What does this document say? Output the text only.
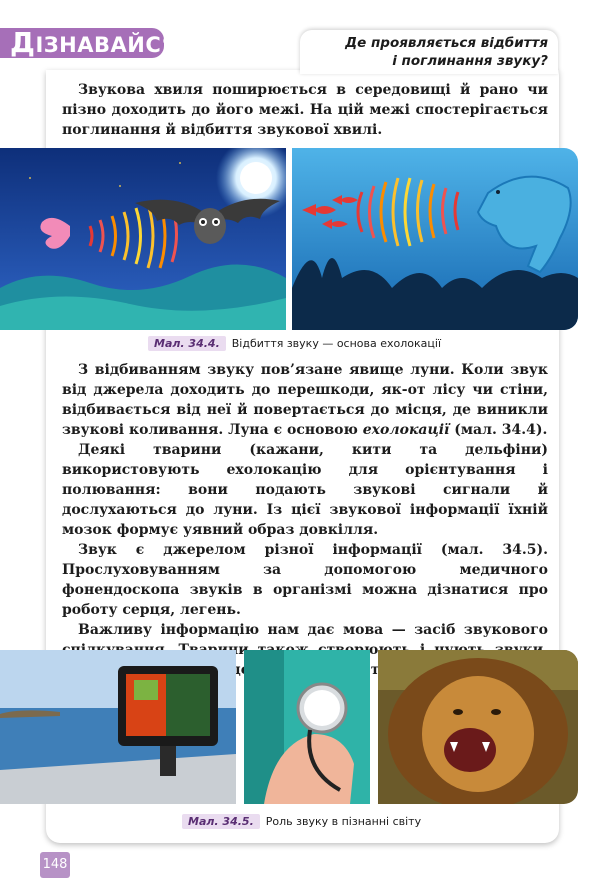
ДІЗНАВАЙСЯ	Де проявляється відбиття
і поглинання звуку?
Звукова хвиля поширюється в середовищі й рано чи пізно доходить до його межі. На цій межі спостерігається поглинання й відбиття звукової хвилі.
Мал. 34.4. Відбиття звуку — основа ехолокації
З відбиванням звуку пов’язане явище луни. Коли звук від джерела доходить до перешкоди, як-от лісу чи стіни, відбивається від неї й повертається до місця, де виникли звукові коливання. Луна є основою ехолокації (мал. 34.4).
Деякі тварини (кажани, кити та дельфіни) використовують ехолокацію для орієнтування і полювання: вони подають звукові сигнали й дослухаються до луни. Із цієї звукової інформації їхній мозок формує уявний образ довкілля.
Звук є джерелом різної інформації (мал. 34.5). Прослуховуванням за допомогою медичного фонендоскопа звуків в організмі можна дізнатися про роботу серця, легень.
Важливу інформацію нам дає мова — засіб звукового це
Мал. 34.5. Роль звуку в пізнанні світу
148
